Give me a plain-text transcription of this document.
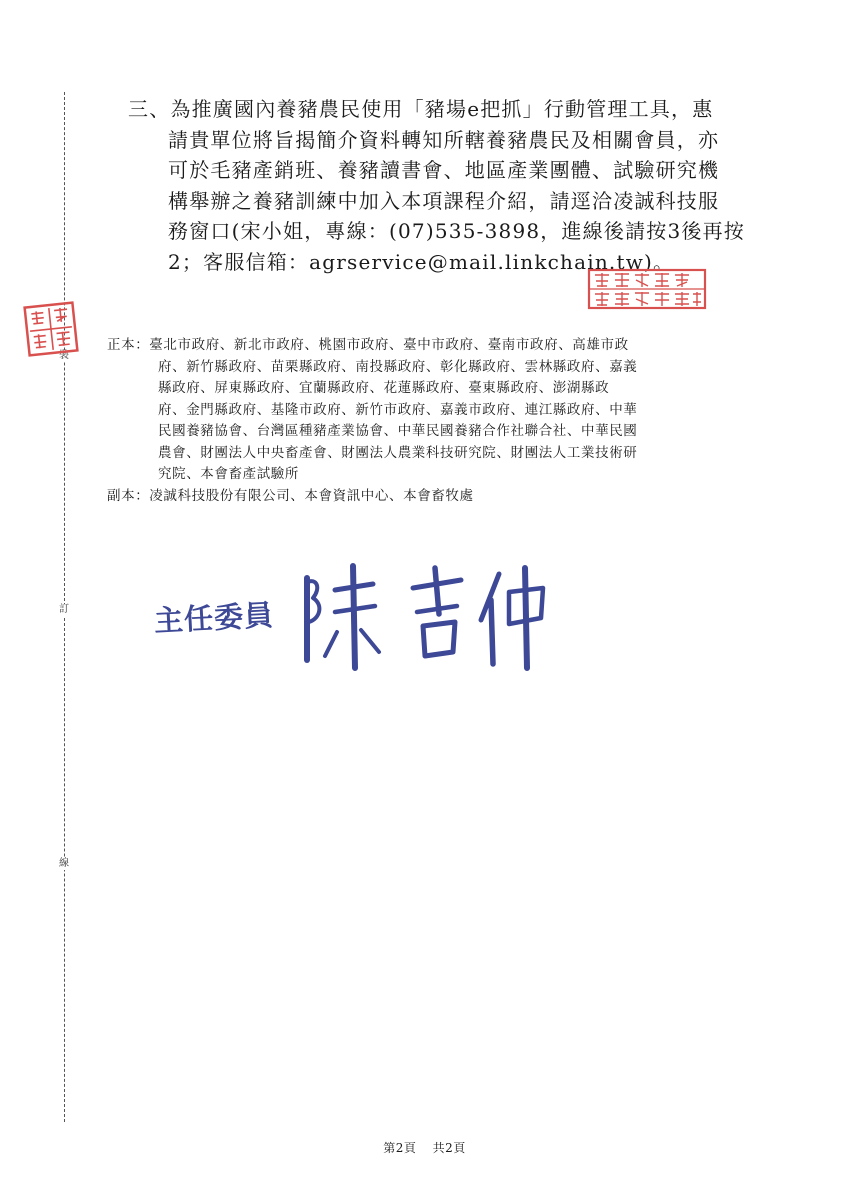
裝
訂
線
三、為推廣國內養豬農民使用「豬場e把抓」行動管理工具，惠
請貴單位將旨揭簡介資料轉知所轄養豬農民及相關會員，亦
可於毛豬產銷班、養豬讀書會、地區產業團體、試驗研究機
構舉辦之養豬訓練中加入本項課程介紹，請逕洽凌誠科技服
務窗口(宋小姐，專線：(07)535-3898，進線後請按3後再按
2；客服信箱：agrservice@mail.linkchain.tw)。
正本：臺北市政府、新北市政府、桃園市政府、臺中市政府、臺南市政府、高雄市政
府、新竹縣政府、苗栗縣政府、南投縣政府、彰化縣政府、雲林縣政府、嘉義
縣政府、屏東縣政府、宜蘭縣政府、花蓮縣政府、臺東縣政府、澎湖縣政
府、金門縣政府、基隆市政府、新竹市政府、嘉義市政府、連江縣政府、中華
民國養豬協會、台灣區種豬產業協會、中華民國養豬合作社聯合社、中華民國
農會、財團法人中央畜產會、財團法人農業科技研究院、財團法人工業技術研
究院、本會畜產試驗所
副本：凌誠科技股份有限公司、本會資訊中心、本會畜牧處
主任委員
第2頁 共2頁
